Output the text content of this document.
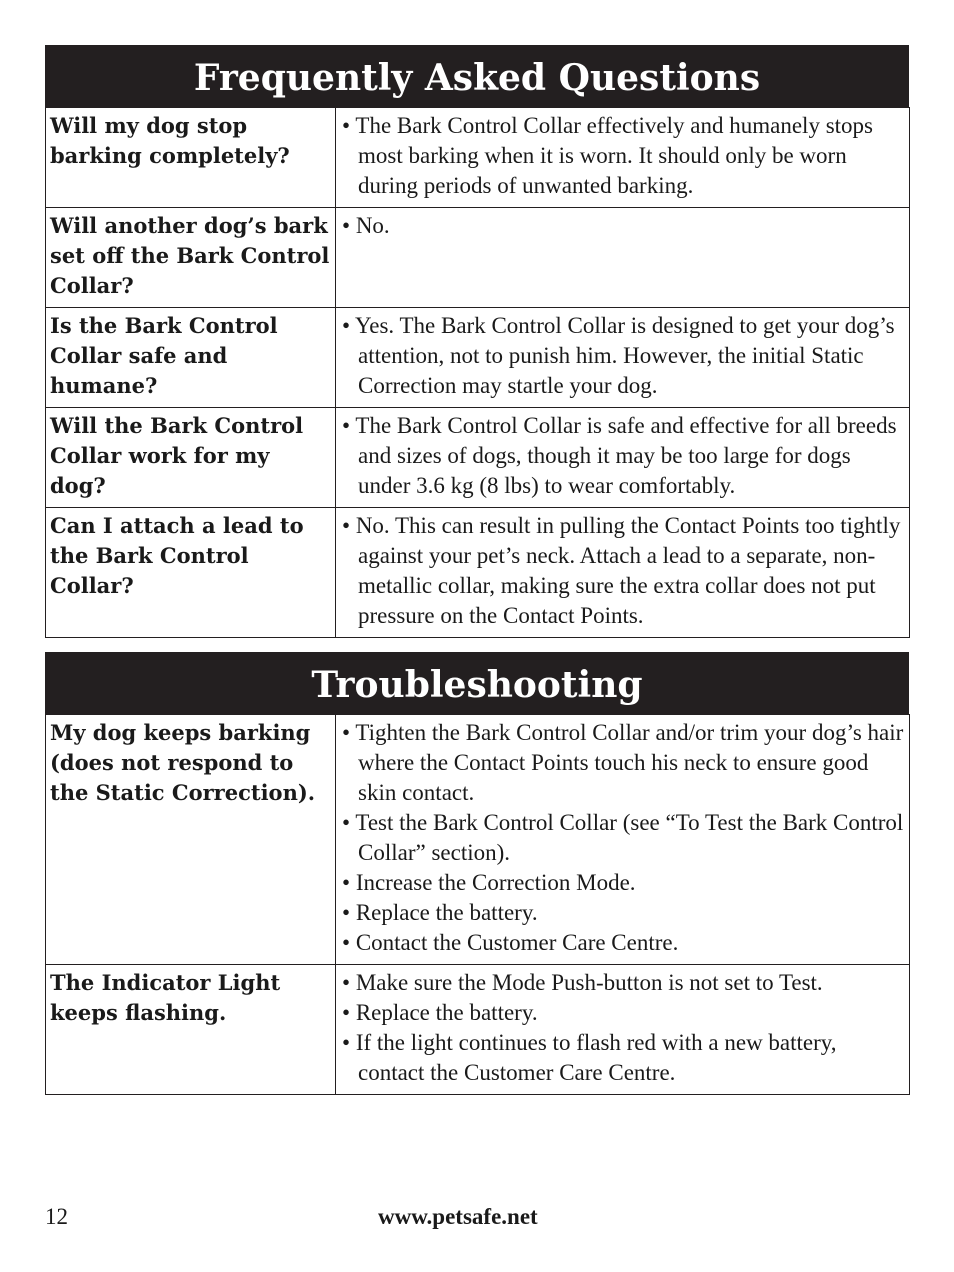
Frequently Asked Questions
Will my dog stop barking completely?	• The Bark Control Collar effectively and humanely stops most barking when it is worn. It should only be worn during periods of unwanted barking.

Will another dog’s bark set off the Bark Control Collar?	• No.

Is the Bark Control Collar safe and humane?	• Yes. The Bark Control Collar is designed to get your dog’s attention, not to punish him. However, the initial Static Correction may startle your dog.

Will the Bark Control Collar work for my dog?	• The Bark Control Collar is safe and effective for all breeds and sizes of dogs, though it may be too large for dogs under 3.6 kg (8 lbs) to wear comfortably.

Can I attach a lead to the Bark Control Collar?	• No. This can result in pulling the Contact Points too tightly against your pet’s neck. Attach a lead to a separate, non-metallic collar, making sure the extra collar does not put pressure on the Contact Points.
Troubleshooting
My dog keeps barking (does not respond to the Static Correction).	• Tighten the Bark Control Collar and/or trim your dog’s hair where the Contact Points touch his neck to ensure good skin contact.
• Test the Bark Control Collar (see “To Test the Bark Control Collar” section).
• Increase the Correction Mode.
• Replace the battery.
• Contact the Customer Care Centre.

The Indicator Light keeps flashing.	• Make sure the Mode Push-button is not set to Test.
• Replace the battery.
• If the light continues to flash red with a new battery, contact the Customer Care Centre.
12	www.petsafe.net
